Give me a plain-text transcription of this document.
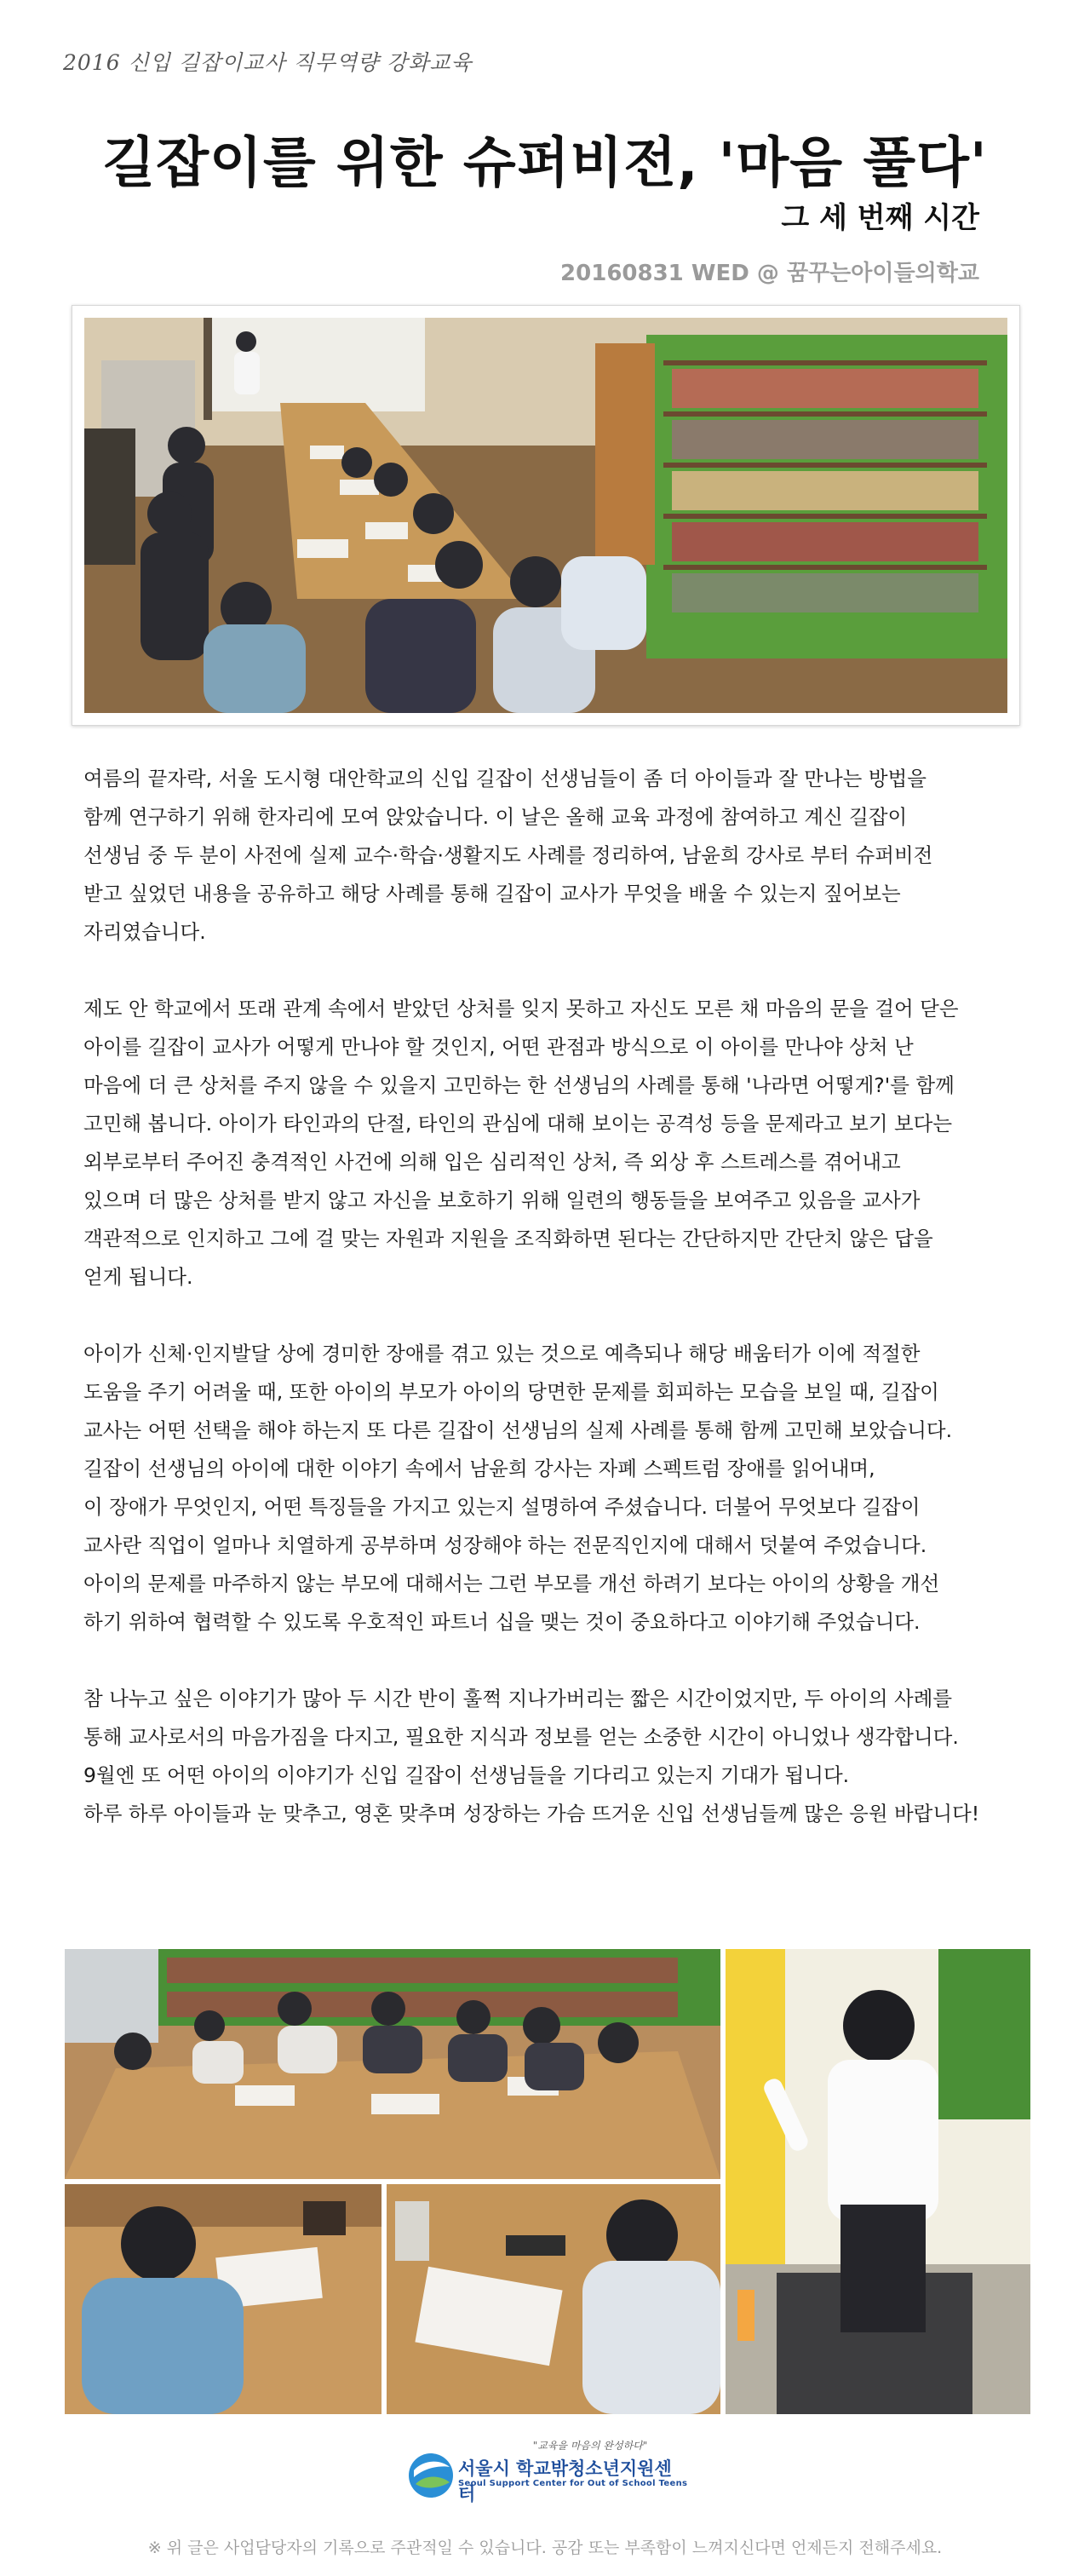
2016 신입 길잡이교사 직무역량 강화교육
길잡이를 위한 슈퍼비전, '마음 풀다'
그 세 번째 시간
20160831 WED @ 꿈꾸는아이들의학교

여름의 끝자락, 서울 도시형 대안학교의 신입 길잡이 선생님들이 좀 더 아이들과 잘 만나는 방법을
함께 연구하기 위해 한자리에 모여 앉았습니다. 이 날은 올해 교육 과정에 참여하고 계신 길잡이
선생님 중 두 분이 사전에 실제 교수·학습·생활지도 사례를 정리하여, 남윤희 강사로 부터 슈퍼비전
받고 싶었던 내용을 공유하고 해당 사례를 통해 길잡이 교사가 무엇을 배울 수 있는지 짚어보는
자리였습니다.

제도 안 학교에서 또래 관계 속에서 받았던 상처를 잊지 못하고 자신도 모른 채 마음의 문을 걸어 닫은
아이를 길잡이 교사가 어떻게 만나야 할 것인지, 어떤 관점과 방식으로 이 아이를 만나야 상처 난
마음에 더 큰 상처를 주지 않을 수 있을지 고민하는 한 선생님의 사례를 통해 '나라면 어떻게?'를 함께
고민해 봅니다. 아이가 타인과의 단절, 타인의 관심에 대해 보이는 공격성 등을 문제라고 보기 보다는
외부로부터 주어진 충격적인 사건에 의해 입은 심리적인 상처, 즉 외상 후 스트레스를 겪어내고
있으며 더 많은 상처를 받지 않고 자신을 보호하기 위해 일련의 행동들을 보여주고 있음을 교사가
객관적으로 인지하고 그에 걸 맞는 자원과 지원을 조직화하면 된다는 간단하지만 간단치 않은 답을
얻게 됩니다.

아이가 신체·인지발달 상에 경미한 장애를 겪고 있는 것으로 예측되나 해당 배움터가 이에 적절한
도움을 주기 어려울 때, 또한 아이의 부모가 아이의 당면한 문제를 회피하는 모습을 보일 때, 길잡이
교사는 어떤 선택을 해야 하는지 또 다른 길잡이 선생님의 실제 사례를 통해 함께 고민해 보았습니다.
길잡이 선생님의 아이에 대한 이야기 속에서 남윤희 강사는 자폐 스펙트럼 장애를 읽어내며,
이 장애가 무엇인지, 어떤 특징들을 가지고 있는지 설명하여 주셨습니다. 더불어 무엇보다 길잡이
교사란 직업이 얼마나 치열하게 공부하며 성장해야 하는 전문직인지에 대해서 덧붙여 주었습니다.
아이의 문제를 마주하지 않는 부모에 대해서는 그런 부모를 개선 하려기 보다는 아이의 상황을 개선
하기 위하여 협력할 수 있도록 우호적인 파트너 십을 맺는 것이 중요하다고 이야기해 주었습니다.

참 나누고 싶은 이야기가 많아 두 시간 반이 훌쩍 지나가버리는 짧은 시간이었지만, 두 아이의 사례를
통해 교사로서의 마음가짐을 다지고, 필요한 지식과 정보를 얻는 소중한 시간이 아니었나 생각합니다.
9월엔 또 어떤 아이의 이야기가 신입 길잡이 선생님들을 기다리고 있는지 기대가 됩니다.
하루 하루 아이들과 눈 맞추고, 영혼 맞추며 성장하는 가슴 뜨거운 신입 선생님들께 많은 응원 바랍니다!

"교육을 마음의 완성하다"
서울시 학교밖청소년지원센터
Seoul Support Center for Out of School Teens
※ 위 글은 사업담당자의 기록으로 주관적일 수 있습니다. 공감 또는 부족함이 느껴지신다면 언제든지 전해주세요.
